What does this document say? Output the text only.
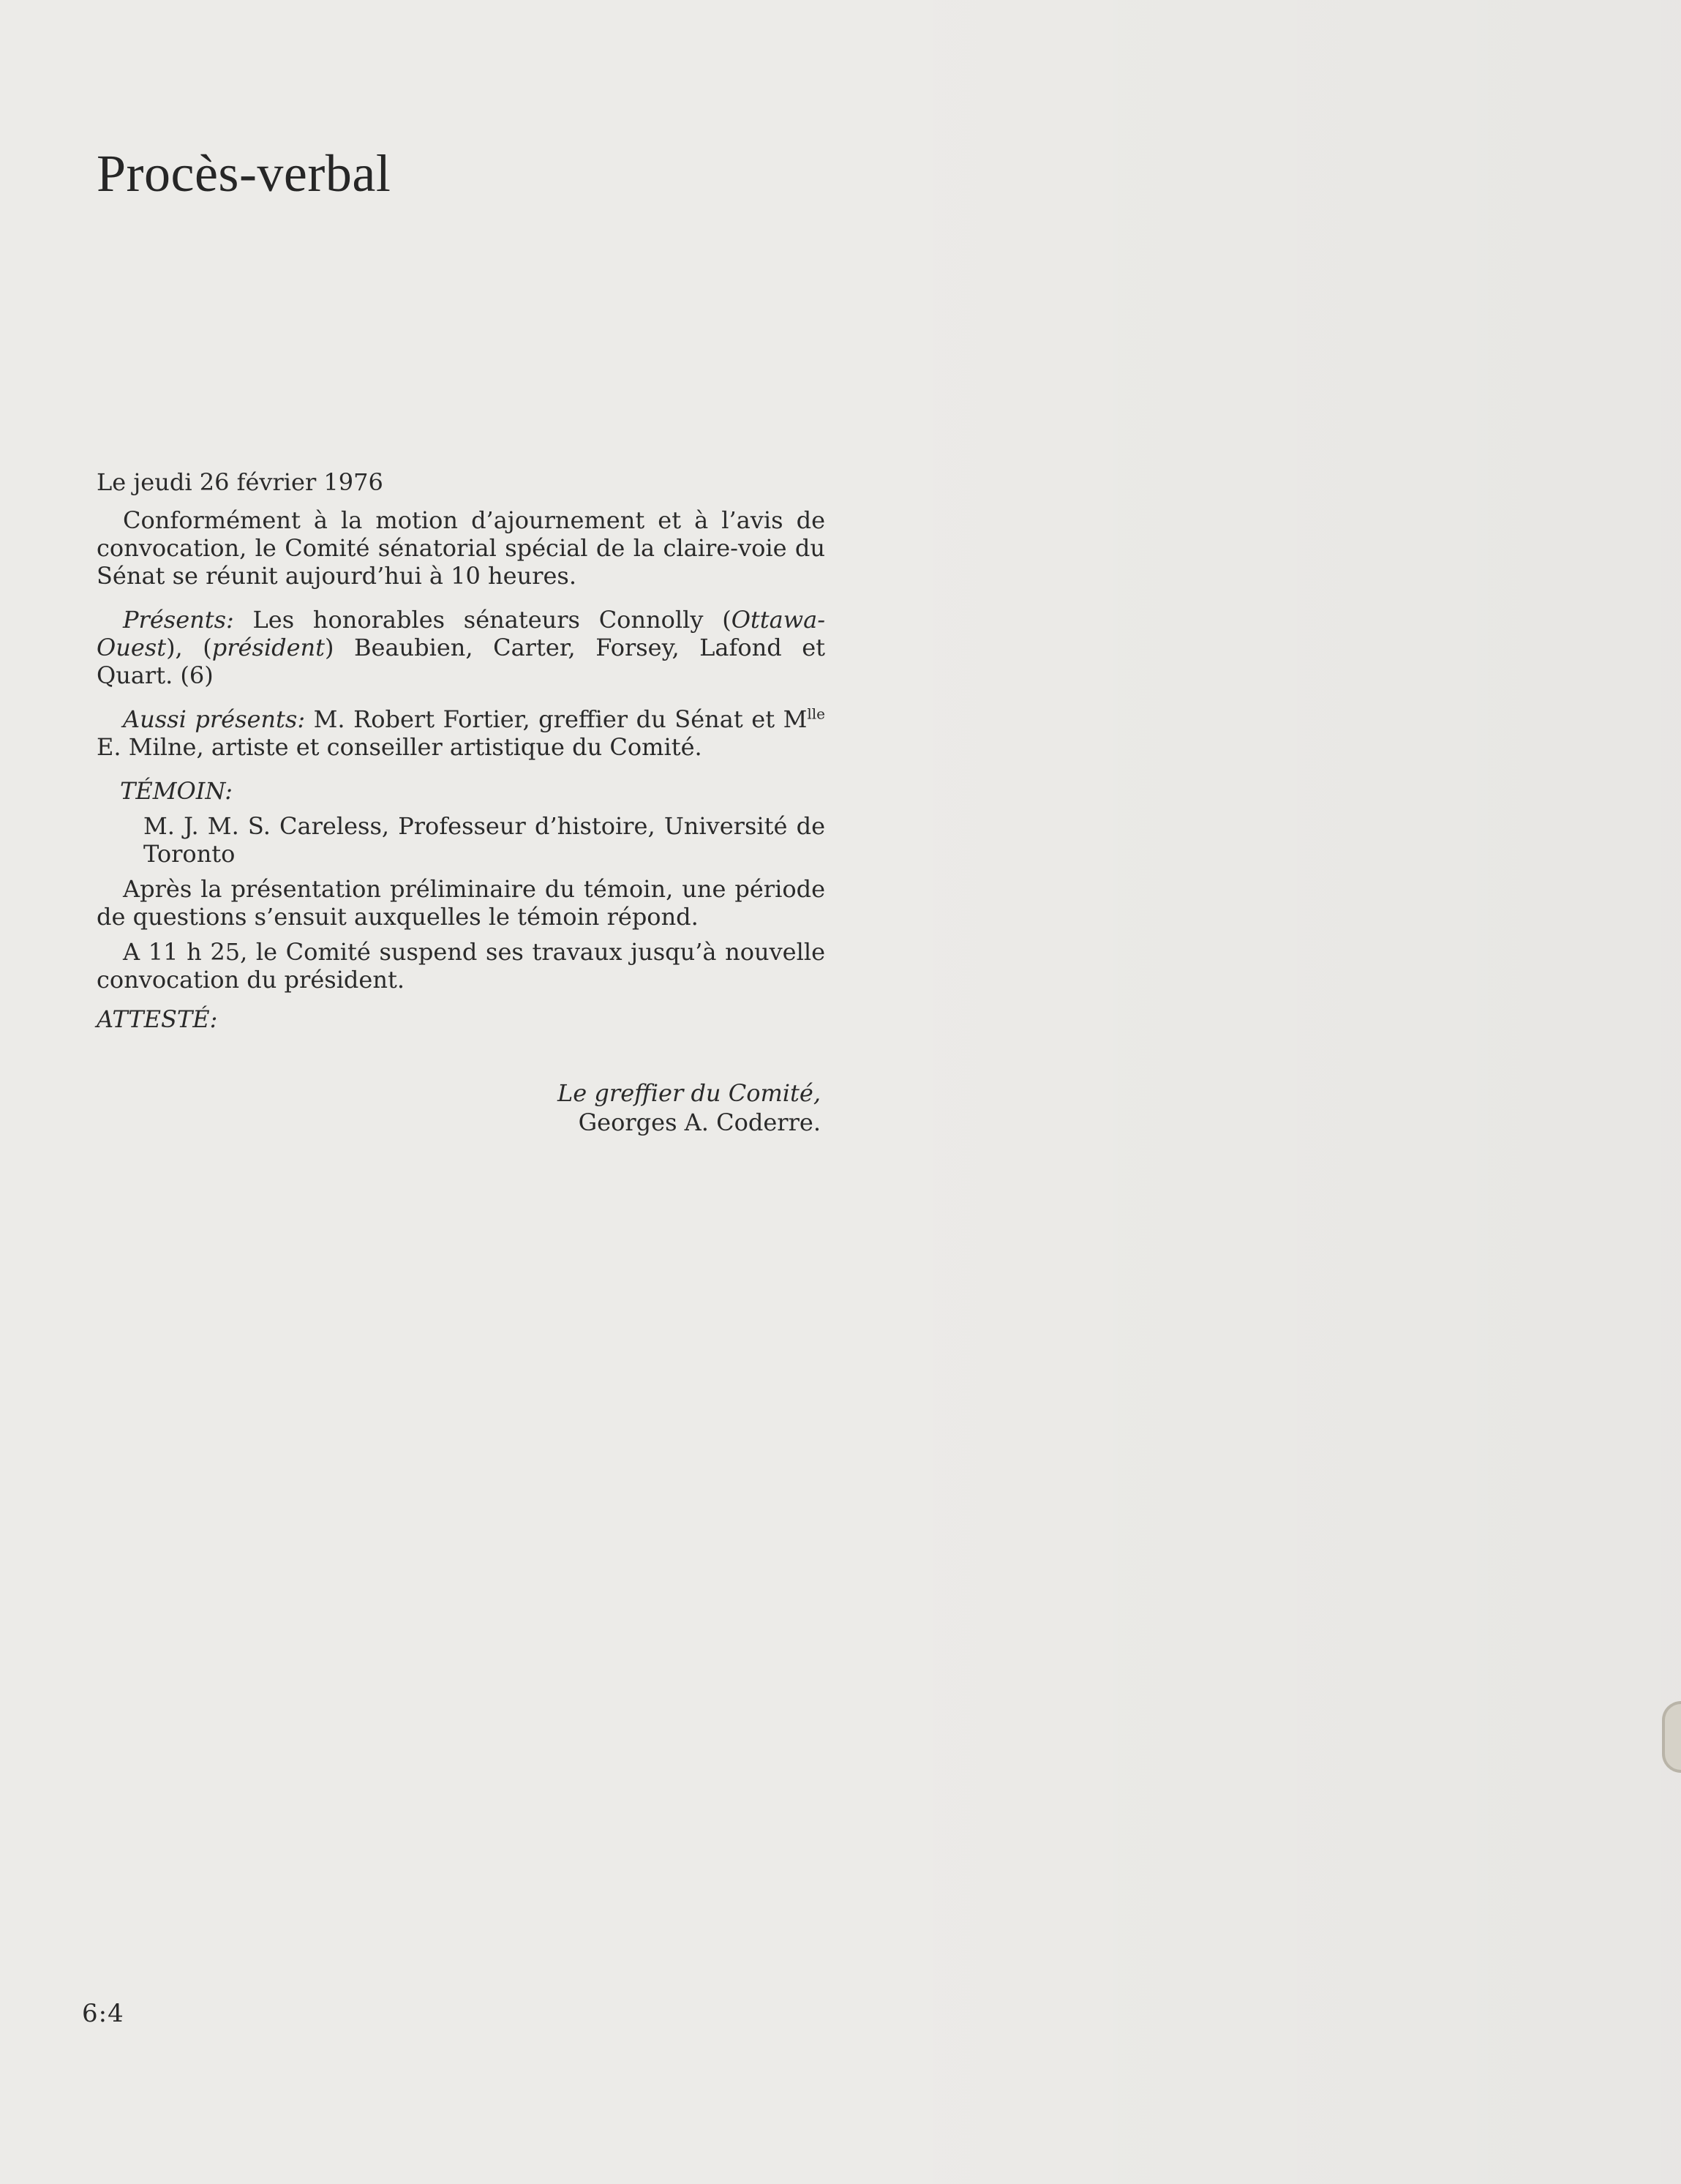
Procès-verbal

Le jeudi 26 février 1976

Conformément à la motion d’ajournement et à l’avis de convocation, le Comité sénatorial spécial de la claire-voie du Sénat se réunit aujourd’hui à 10 heures.

Présents: Les honorables sénateurs Connolly (Ottawa-Ouest), (président) Beaubien, Carter, Forsey, Lafond et Quart. (6)

Aussi présents: M. Robert Fortier, greffier du Sénat et $M^{lle}$ E. Milne, artiste et conseiller artistique du Comité.

TÉMOIN:

M. J. M. S. Careless, Professeur d’histoire, Université de Toronto

Après la présentation préliminaire du témoin, une période de questions s’ensuit auxquelles le témoin répond.

A 11 h 25, le Comité suspend ses travaux jusqu’à nouvelle convocation du président.

ATTESTÉ:

Le greffier du Comité,
Georges A. Coderre.
6:4
